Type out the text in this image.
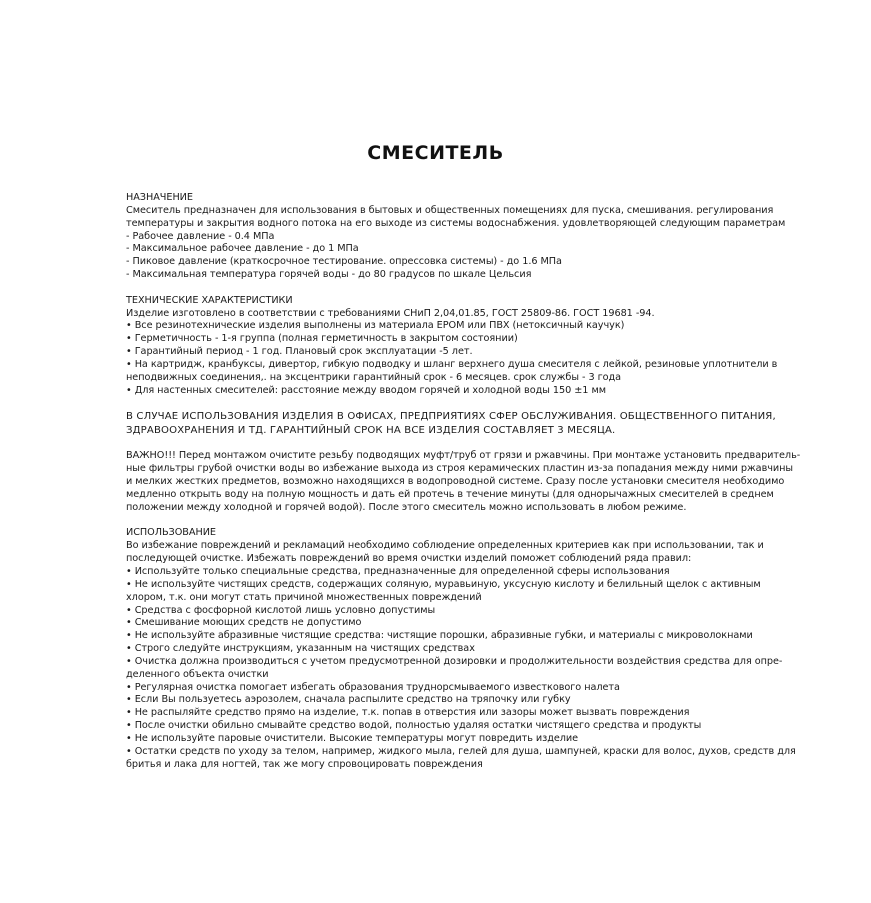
СМЕСИТЕЛЬ
НАЗНАЧЕНИЕ
Смеситель предназначен для использования в бытовых и общественных помещениях для пуска, смешивания. регулирования
температуры и закрытия водного потока на его выходе из системы водоснабжения. удовлетворяющей следующим параметрам
- Рабочее давление - 0.4 МПа
- Максимальное рабочее давление - до 1 МПа
- Пиковое давление (краткосрочное тестирование. опрессовка системы) - до 1.6 МПа
- Максимальная температура горячей воды - до 80 градусов по шкале Цельсия
ТЕХНИЧЕСКИЕ ХАРАКТЕРИСТИКИ
Изделие изготовлено в соответствии с требованиями СНиП 2,04,01.85, ГОСТ 25809-86. ГОСТ 19681 -94.
• Все резинотехнические изделия выполнены из материала EPOM или ПВХ (нетоксичный каучук)
• Герметичность - 1-я группа (полная герметичность в закрытом состоянии)
• Гарантийный период - 1 год. Плановый срок эксплуатации -5 лет.
• На картридж, кранбуксы, дивертор, гибкую подводку и шланг верхнего душа смесителя с лейкой, резиновые уплотнители в
неподвижных соединения,. на эксцентрики гарантийный срок - 6 месяцев. срок службы - 3 года
• Для настенных смесителей: расстояние между вводом горячей и холодной воды 150 ±1 мм
В СЛУЧАЕ ИСПОЛЬЗОВАНИЯ ИЗДЕЛИЯ В ОФИСАХ, ПРЕДПРИЯТИЯХ СФЕР ОБСЛУЖИВАНИЯ. ОБЩЕСТВЕННОГО ПИТАНИЯ,
ЗДРАВООХРАНЕНИЯ И ТД. ГАРАНТИЙНЫЙ СРОК НА ВСЕ ИЗДЕЛИЯ СОСТАВЛЯЕТ 3 МЕСЯЦА.
ВАЖНО!!! Перед монтажом очистите резьбу подводящих муфт/труб от грязи и ржавчины. При монтаже установить предваритель-
ные фильтры грубой очистки воды во избежание выхода из строя керамических пластин из-за попадания между ними ржавчины
и мелких жестких предметов, возможно находящихся в водопроводной системе. Сразу после установки смесителя необходимо
медленно открыть воду на полную мощность и дать ей протечь в течение минуты (для однорычажных смесителей в среднем
положении между холодной и горячей водой). После этого смеситель можно использовать в любом режиме.
ИСПОЛЬЗОВАНИЕ
Во избежание повреждений и рекламаций необходимо соблюдение определенных критериев как при использовании, так и
последующей очистке. Избежать повреждений во время очистки изделий поможет соблюдений ряда правил:
• Используйте только специальные средства, предназначенные для определенной сферы использования
• Не используйте чистящих средств, содержащих соляную, муравьиную, уксусную кислоту и белильный щелок с активным
хлором, т.к. они могут стать причиной множественных повреждений
• Средства с фосфорной кислотой лишь условно допустимы
• Смешивание моющих средств не допустимо
• Не используйте абразивные чистящие средства: чистящие порошки, абразивные губки, и материалы с микроволокнами
• Строго следуйте инструкциям, указанным на чистящих средствах
• Очистка должна производиться с учетом предусмотренной дозировки и продолжительности воздействия средства для опре-
деленного объекта очистки
• Регулярная очистка помогает избегать образования труднорсмываемого известкового налета
• Если Вы пользуетесь аэрозолем, сначала распылите средство на тряпочку или губку
• Не распыляйте средство прямо на изделие, т.к. попав в отверстия или зазоры может вызвать повреждения
• После очистки обильно смывайте средство водой, полностью удаляя остатки чистящего средства и продукты
• Не используйте паровые очистители. Высокие температуры могут повредить изделие
• Остатки средств по уходу за телом, например, жидкого мыла, гелей для душа, шампуней, краски для волос, духов, средств для
бритья и лака для ногтей, так же могу спровоцировать повреждения
